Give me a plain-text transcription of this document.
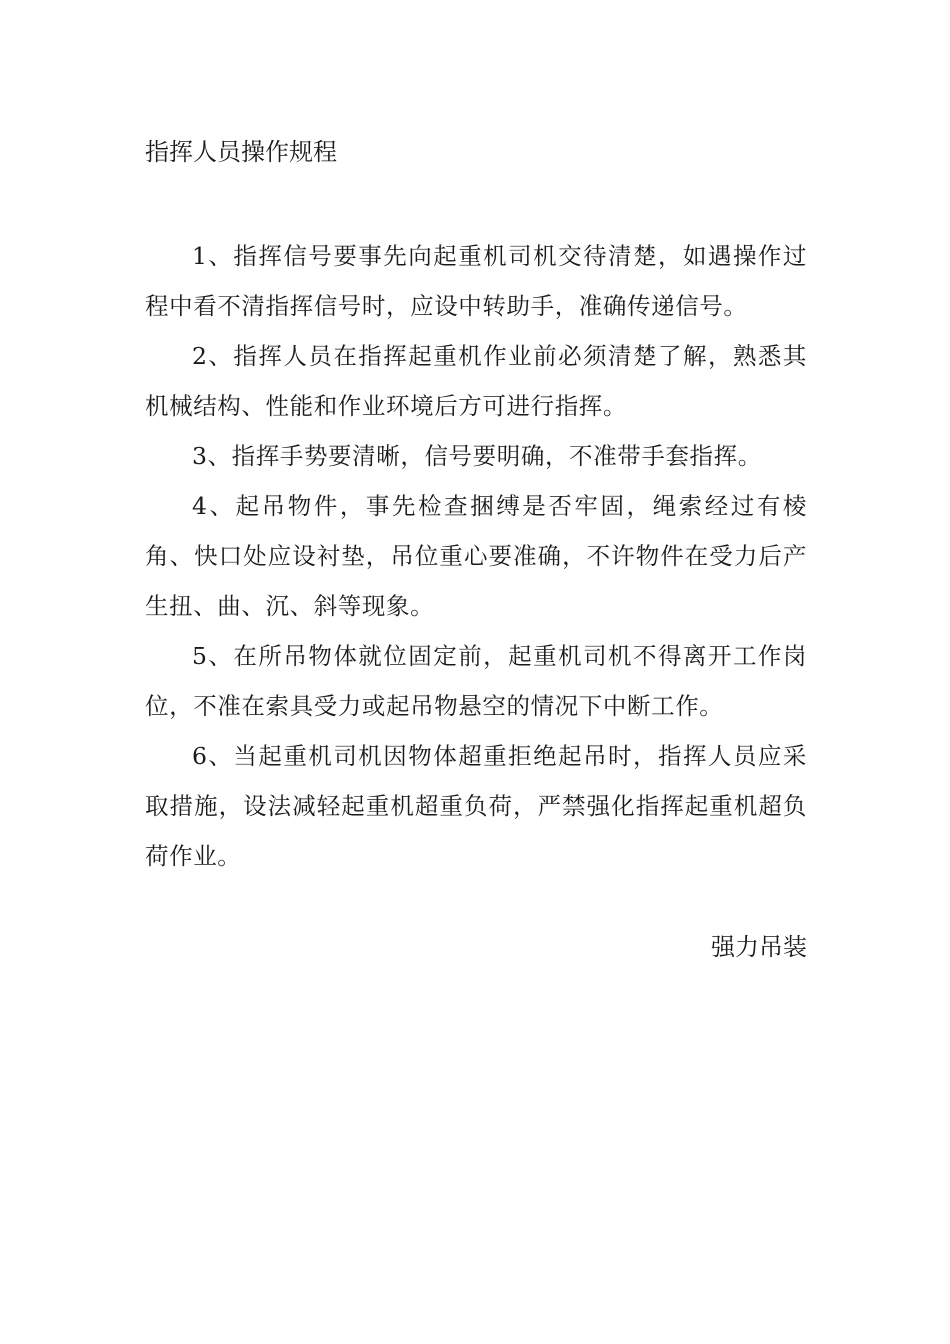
指挥人员操作规程

1、指挥信号要事先向起重机司机交待清楚，如遇操作过程中看不清指挥信号时，应设中转助手，准确传递信号。

2、指挥人员在指挥起重机作业前必须清楚了解，熟悉其机械结构、性能和作业环境后方可进行指挥。

3、指挥手势要清晰，信号要明确，不准带手套指挥。

4、起吊物件，事先检查捆缚是否牢固，绳索经过有棱角、快口处应设衬垫，吊位重心要准确，不许物件在受力后产生扭、曲、沉、斜等现象。

5、在所吊物体就位固定前，起重机司机不得离开工作岗位，不准在索具受力或起吊物悬空的情况下中断工作。

6、当起重机司机因物体超重拒绝起吊时，指挥人员应采取措施，设法减轻起重机超重负荷，严禁强化指挥起重机超负荷作业。

强力吊装
